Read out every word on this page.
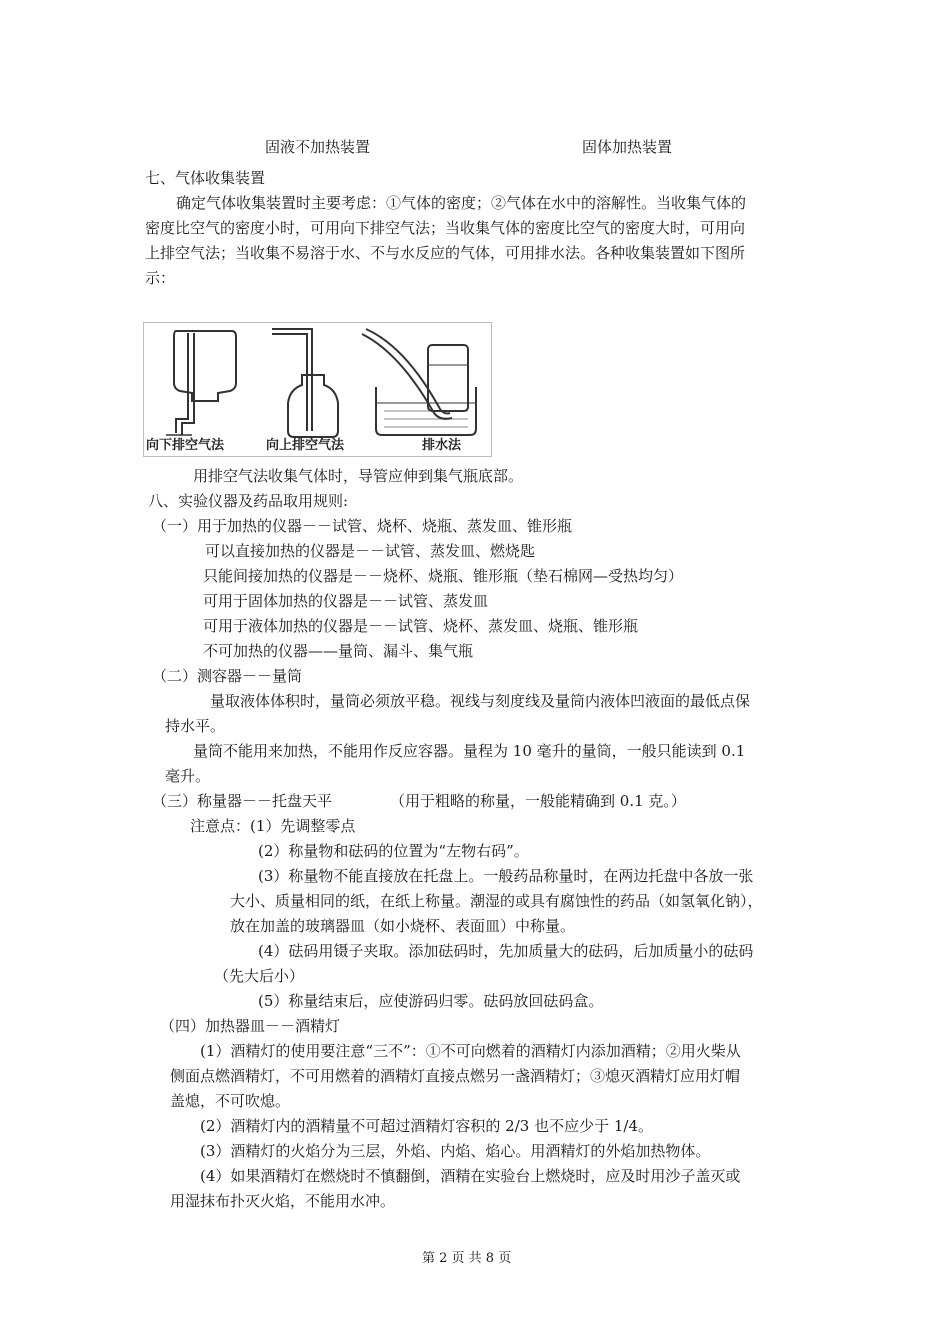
固液不加热装置	固体加热装置
七、气体收集装置
确定气体收集装置时主要考虑：①气体的密度；②气体在水中的溶解性。当收集气体的
密度比空气的密度小时，可用向下排空气法；当收集气体的密度比空气的密度大时，可用向
上排空气法；当收集不易溶于水、不与水反应的气体，可用排水法。各种收集装置如下图所
示：
向下排空气法	向上排空气法	排水法
用排空气法收集气体时，导管应伸到集气瓶底部。
八、实验仪器及药品取用规则:
（一）用于加热的仪器－－试管、烧杯、烧瓶、蒸发皿、锥形瓶
可以直接加热的仪器是－－试管、蒸发皿、燃烧匙
只能间接加热的仪器是－－烧杯、烧瓶、锥形瓶（垫石棉网—受热均匀）
可用于固体加热的仪器是－－试管、蒸发皿
可用于液体加热的仪器是－－试管、烧杯、蒸发皿、烧瓶、锥形瓶
不可加热的仪器——量筒、漏斗、集气瓶
（二）测容器－－量筒
量取液体体积时，量筒必须放平稳。视线与刻度线及量筒内液体凹液面的最低点保
持水平。
量筒不能用来加热，不能用作反应容器。量程为 10 毫升的量筒，一般只能读到 0.1
毫升。
（三）称量器－－托盘天平	（用于粗略的称量，一般能精确到 0.1 克。）
注意点：(1）先调整零点
(2）称量物和砝码的位置为“左物右码”。
(3）称量物不能直接放在托盘上。一般药品称量时，在两边托盘中各放一张
大小、质量相同的纸，在纸上称量。潮湿的或具有腐蚀性的药品（如氢氧化钠），
放在加盖的玻璃器皿（如小烧杯、表面皿）中称量。
(4）砝码用镊子夹取。添加砝码时，先加质量大的砝码，后加质量小的砝码
（先大后小）
(5）称量结束后，应使游码归零。砝码放回砝码盒。
（四）加热器皿－－酒精灯
(1）酒精灯的使用要注意“三不”：①不可向燃着的酒精灯内添加酒精；②用火柴从
侧面点燃酒精灯，不可用燃着的酒精灯直接点燃另一盏酒精灯；③熄灭酒精灯应用灯帽
盖熄，不可吹熄。
(2）酒精灯内的酒精量不可超过酒精灯容积的 2/3 也不应少于 1/4。
(3）酒精灯的火焰分为三层，外焰、内焰、焰心。用酒精灯的外焰加热物体。
(4）如果酒精灯在燃烧时不慎翻倒，酒精在实验台上燃烧时，应及时用沙子盖灭或
用湿抹布扑灭火焰，不能用水冲。
第 2 页 共 8 页
